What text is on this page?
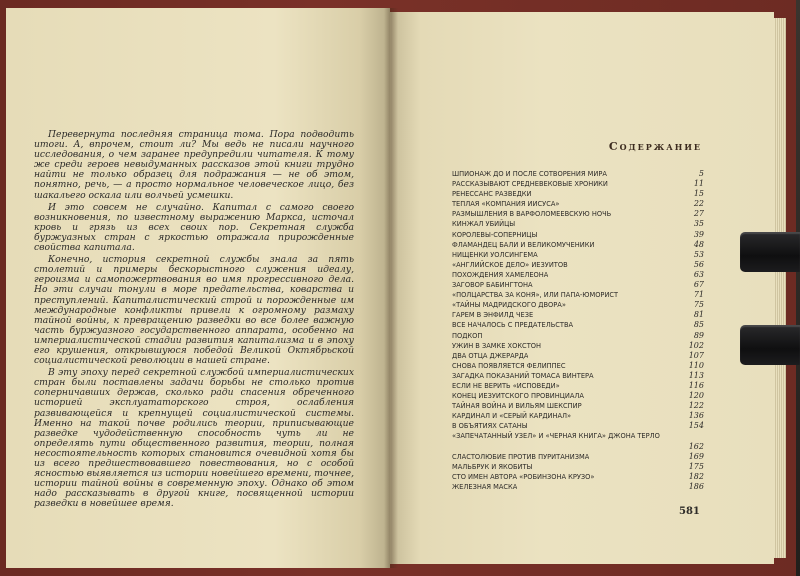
Перевернута последняя страница тома. Пора подводить итоги. А, впрочем, стоит ли? Мы ведь не писали научного исследования, о чем заранее предупредили читателя. К тому же среди героев невыдуманных рассказов этой книги трудно найти не только образец для подражания — не об этом, понятно, речь, — а просто нормальное человеческое лицо, без шакальего оскала или волчьей усмешки.

И это совсем не случайно. Капитал с самого своего возникновения, по известному выражению Маркса, источал кровь и грязь из всех своих пор. Секретная служба буржуазных стран с яркостью отражала прирожденные свойства капитала.

Конечно, история секретной службы знала за пять столетий и примеры бескорыстного служения идеалу, героизма и самопожертвования во имя прогрессивного дела. Но эти случаи тонули в море предательства, коварства и преступлений. Капиталистический строй и порожденные им международные конфликты привели к огромному размаху тайной войны, к превращению разведки во все более важную часть буржуазного государственного аппарата, особенно на империалистической стадии развития капитализма и в эпоху его крушения, открывшуюся победой Великой Октябрьской социалистической революции в нашей стране.

В эту эпоху перед секретной службой империалистических стран были поставлены задачи борьбы не столько против соперничавших держав, сколько ради спасения обреченного историей эксплуататорского строя, ослабления развивающейся и крепнущей социалистической системы. Именно на такой почве родились теории, приписывающие разведке чудодейственную способность чуть ли не определять пути общественного развития, теории, полная несостоятельность которых становится очевидной хотя бы из всего предшествовавшего повествования, но с особой ясностью выявляется из истории новейшего времени, точнее, истории тайной войны в современную эпоху. Однако об этом надо рассказывать в другой книге, посвященной истории разведки в новейшее время.

Содержание
ШПИОНАЖ ДО И ПОСЛЕ СОТВОРЕНИЯ МИРА	5
РАССКАЗЫВАЮТ СРЕДНЕВЕКОВЫЕ ХРОНИКИ	11
РЕНЕССАНС РАЗВЕДКИ	15
ТЕПЛАЯ «КОМПАНИЯ ИИСУСА»	22
РАЗМЫШЛЕНИЯ В ВАРФОЛОМЕЕВСКУЮ НОЧЬ	27
КИНЖАЛ УБИЙЦЫ	35
КОРОЛЕВЫ-СОПЕРНИЦЫ	39
ФЛАМАНДЕЦ БАЛИ И ВЕЛИКОМУЧЕНИКИ	48
НИЩЕНКИ УОЛСИНГЕМА	53
«АНГЛИЙСКОЕ ДЕЛО» ИЕЗУИТОВ	56
ПОХОЖДЕНИЯ ХАМЕЛЕОНА	63
ЗАГОВОР БАБИНГТОНА	67
«ПОЛЦАРСТВА ЗА КОНЯ», ИЛИ ПАПА-ЮМОРИСТ	71
«ТАЙНЫ МАДРИДСКОГО ДВОРА»	75
ГАРЕМ В ЭНФИЛД ЧЕЗЕ	81
ВСЕ НАЧАЛОСЬ С ПРЕДАТЕЛЬСТВА	85
ПОДКОП	89
УЖИН В ЗАМКЕ ХОКСТОН	102
ДВА ОТЦА ДЖЕРАРДА	107
СНОВА ПОЯВЛЯЕТСЯ ФЕЛИППЕС	110
ЗАГАДКА ПОКАЗАНИЙ ТОМАСА ВИНТЕРА	113
ЕСЛИ НЕ ВЕРИТЬ «ИСПОВЕДИ»	116
КОНЕЦ ИЕЗУИТСКОГО ПРОВИНЦИАЛА	120
ТАЙНАЯ ВОЙНА И ВИЛЬЯМ ШЕКСПИР	122
КАРДИНАЛ И «СЕРЫЙ КАРДИНАЛ»	136
В ОБЪЯТИЯХ САТАНЫ	154
«ЗАПЕЧАТАННЫЙ УЗЕЛ» И «ЧЕРНАЯ КНИГА» ДЖОНА ТЕРЛО
162
СЛАСТОЛЮБИЕ ПРОТИВ ПУРИТАНИЗМА	169
МАЛЬБРУК И ЯКОБИТЫ	175
СТО ИМЕН АВТОРА «РОБИНЗОНА КРУЗО»	182
ЖЕЛЕЗНАЯ МАСКА	186
581
